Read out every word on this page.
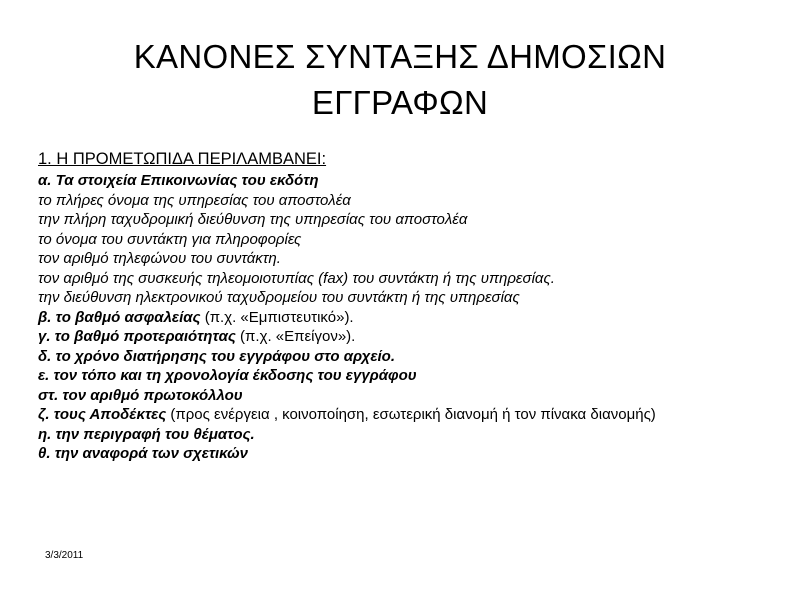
ΚΑΝΟΝΕΣ ΣΥΝΤΑΞΗΣ ΔΗΜΟΣΙΩΝ
ΕΓΓΡΑΦΩΝ

1. Η ΠΡΟΜΕΤΩΠΙΔΑ ΠΕΡΙΛΑΜΒΑΝΕΙ:

α. Τα στοιχεία Επικοινωνίας του εκδότη

το πλήρες όνομα της υπηρεσίας του αποστολέα

την πλήρη ταχυδρομική διεύθυνση της υπηρεσίας του αποστολέα

το όνομα του συντάκτη για πληροφορίες

τον αριθμό τηλεφώνου του συντάκτη.

τον αριθμό της συσκευής τηλεομοιοτυπίας (fax) του συντάκτη ή της υπηρεσίας.

την διεύθυνση ηλεκτρονικού ταχυδρομείου του συντάκτη ή της υπηρεσίας

β. το βαθμό ασφαλείας (π.χ. «Εμπιστευτικό»).

γ. το βαθμό προτεραιότητας (π.χ. «Επείγον»).

δ. το χρόνο διατήρησης του εγγράφου στο αρχείο.

ε. τον τόπο και τη χρονολογία έκδοσης του εγγράφου

στ. τον αριθμό πρωτοκόλλου

ζ. τους Αποδέκτες (προς ενέργεια , κοινοποίηση, εσωτερική διανομή ή τον πίνακα διανομής)

η. την περιγραφή του θέματος.

θ. την αναφορά των σχετικών

3/3/2011
